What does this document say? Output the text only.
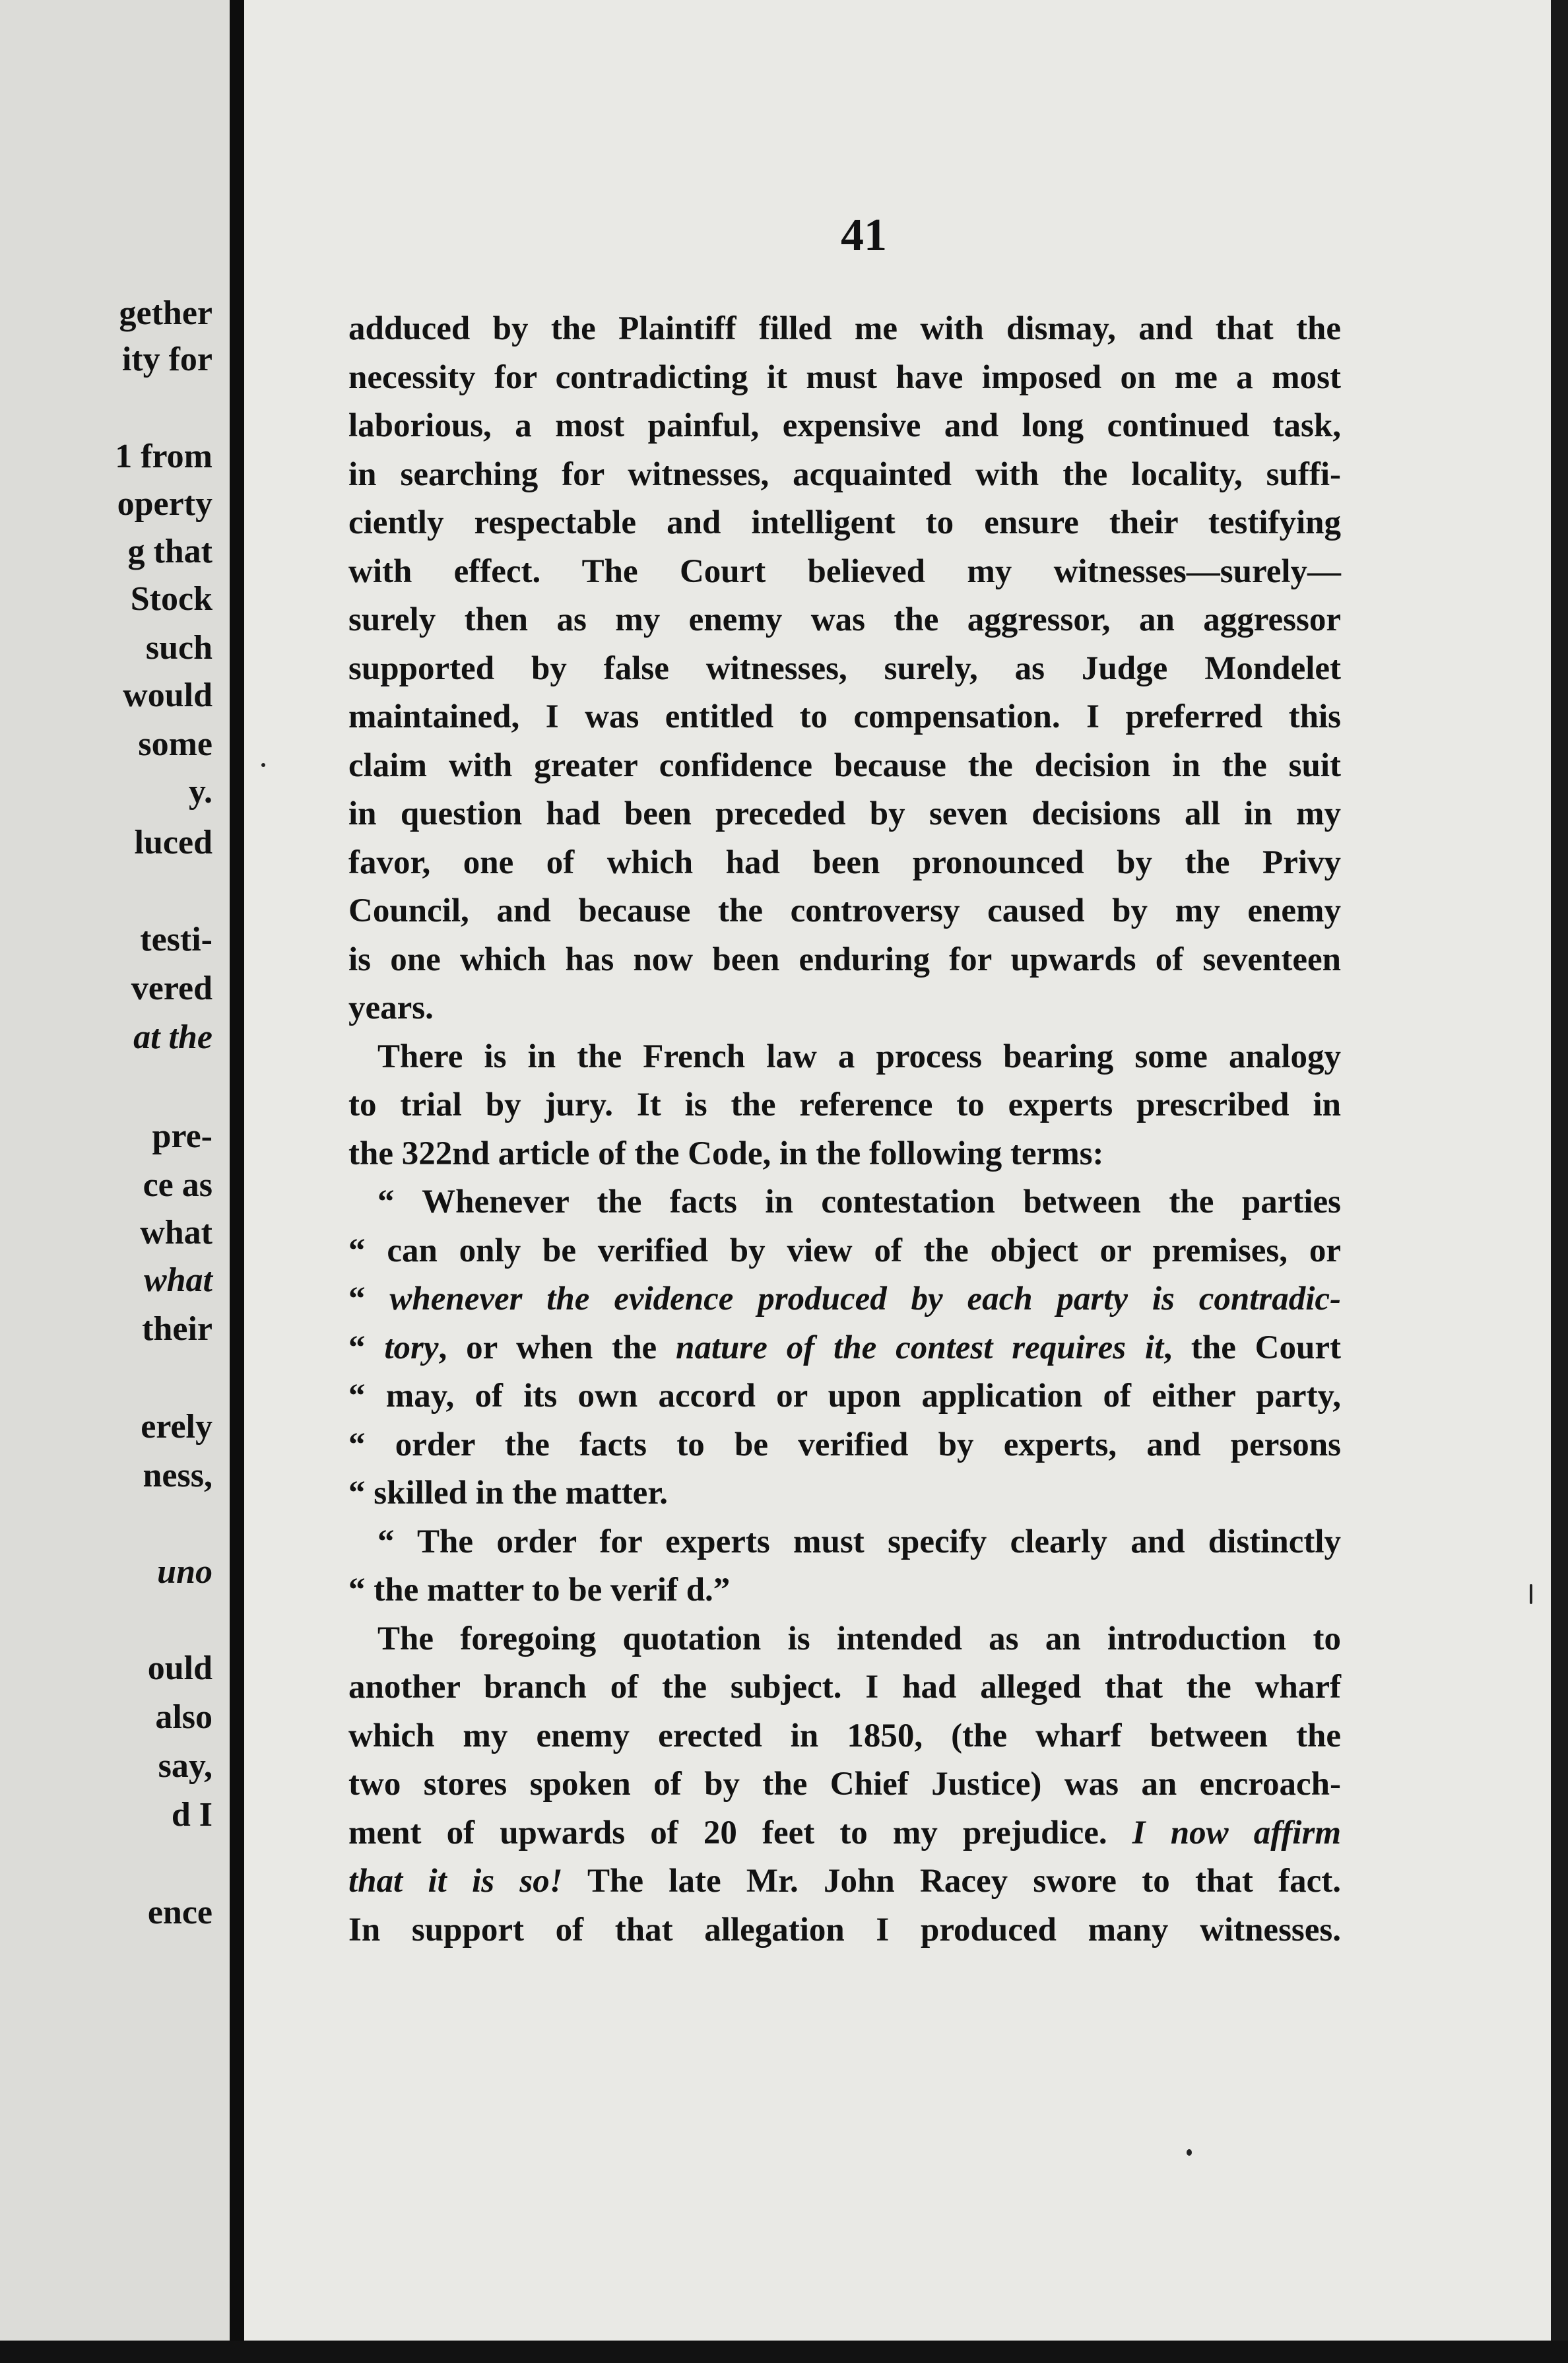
gether
ity for
1 from
operty
g that
Stock
such
would
some
y.
luced
testi-
vered
at the
pre-
ce as
what
what
their
erely
ness,
uno
ould
also
say,
d I
ence
41
adduced by the Plaintiff filled me with dismay, and that the
necessity for contradicting it must have imposed on me a most
laborious, a most painful, expensive and long continued task,
in searching for witnesses, acquainted with the locality, suffi-
ciently respectable and intelligent to ensure their testifying
with effect. The Court believed my witnesses—surely—
surely then as my enemy was the aggressor, an aggressor
supported by false witnesses, surely, as Judge Mondelet
maintained, I was entitled to compensation. I preferred this
claim with greater confidence because the decision in the suit
in question had been preceded by seven decisions all in my
favor, one of which had been pronounced by the Privy
Council, and because the controversy caused by my enemy
is one which has now been enduring for upwards of seventeen
years.
There is in the French law a process bearing some analogy
to trial by jury. It is the reference to experts prescribed in
the 322nd article of the Code, in the following terms:
“ Whenever the facts in contestation between the parties
“ can only be verified by view of the object or premises, or
“ whenever the evidence produced by each party is contradic-
“ tory, or when the nature of the contest requires it, the Court
“ may, of its own accord or upon application of either party,
“ order the facts to be verified by experts, and persons
“ skilled in the matter.
“ The order for experts must specify clearly and distinctly
“ the matter to be verif d.”
The foregoing quotation is intended as an introduction to
another branch of the subject. I had alleged that the wharf
which my enemy erected in 1850, (the wharf between the
two stores spoken of by the Chief Justice) was an encroach-
ment of upwards of 20 feet to my prejudice. I now affirm
that it is so! The late Mr. John Racey swore to that fact.
In support of that allegation I produced many witnesses.
